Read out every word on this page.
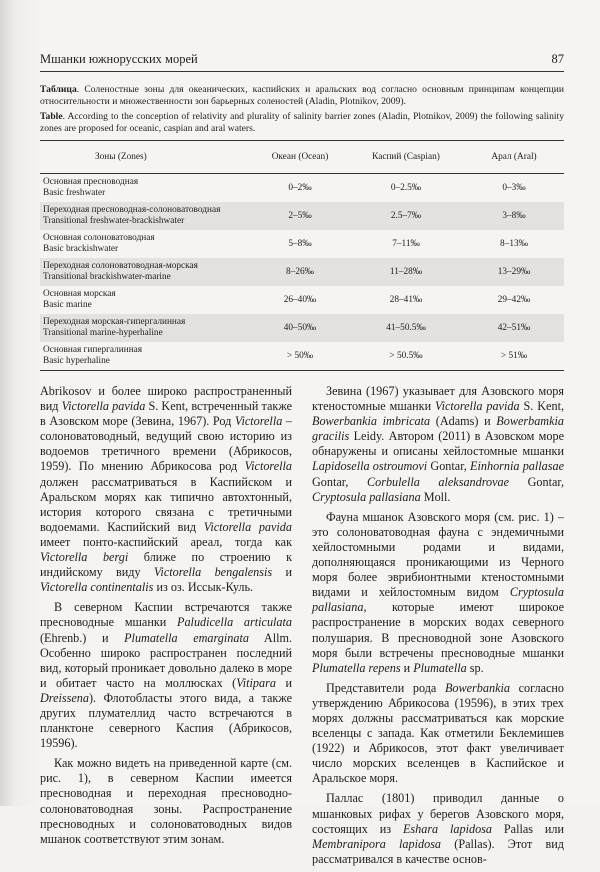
Мшанки южнорусских морей	87

Таблица. Соленостные зоны для океанических, каспийских и аральских вод согласно основным принципам концепции относительности и множественности зон барьерных соленостей (Aladin, Plotnikov, 2009).

Table. According to the conception of relativity and plurality of salinity barrier zones (Aladin, Plotnikov, 2009) the following salinity zones are proposed for oceanic, caspian and aral waters.

Зоны (Zones)	Океан (Ocean)	Каспий (Caspian)	Арал (Aral)

Основная пресноводная
Basic freshwater	0–2‰	0–2.5‰	0–3‰

Переходная пресноводная-солоноватоводная
Transitional freshwater-brackishwater	2–5‰	2.5–7‰	3–8‰

Основная солоноватоводная
Basic brackishwater	5–8‰	7–11‰	8–13‰

Переходная солоноватоводная-морская
Transitional brackishwater-marine	8–26‰	11–28‰	13–29‰

Основная морская
Basic marine	26–40‰	28–41‰	29–42‰

Переходная морская-гипергалинная
Transitional marine-hyperhaline	40–50‰	41–50.5‰	42–51‰

Основная гипергалинная
Basic hyperhaline	> 50‰	> 50.5‰	> 51‰

Abrikosov и более широко распространенный вид Victorella pavida S. Kent, встреченный также в Азовском море (Зевина, 1967). Род Victorella – солоноватоводный, ведущий свою историю из водоемов третичного времени (Абрикосов, 1959). По мнению Абрикосова род Victorella должен рассматриваться в Каспийском и Аральском морях как типично автохтонный, история которого связана с третичными водоемами. Каспийский вид Victorella pavida имеет понто-каспийский ареал, тогда как Victorella bergi ближе по строению к индийскому виду Victorella bengalensis и Victorella continentalis из оз. Иссык-Куль.

В северном Каспии встречаются также пресноводные мшанки Paludicella articulata (Ehrenb.) и Plumatella emarginata Allm. Особенно широко распространен последний вид, который проникает довольно далеко в море и обитает часто на моллюсках (Vitipara и Dreissena). Флотобласты этого вида, а также других плумателлид часто встречаются в планктоне северного Каспия (Абрикосов, 19596).

Как можно видеть на приведенной карте (см. рис. 1), в северном Каспии имеется пресноводная и переходная пресноводно-солоноватоводная зоны. Распространение пресноводных и солоноватоводных видов мшанок соответствуют этим зонам.

Зевина (1967) указывает для Азовского моря ктеностомные мшанки Victorella pavida S. Kent, Bowerbankia imbricata (Adams) и Bowerbamkia gracilis Leidy. Автором (2011) в Азовском море обнаружены и описаны хейлостомные мшанки Lapidosella ostroumovi Gontar, Einhornia pallasae Gontar, Corbulella aleksandrovae Gontar, Cryptosula pallasiana Moll.

Фауна мшанок Азовского моря (см. рис. 1) – это солоноватоводная фауна с эндемичными хейлостомными родами и видами, дополняющаяся проникающими из Черного моря более эврибионтными ктеностомными видами и хейлостомным видом Cryptosula pallasiana, которые имеют широкое распространение в морских водах северного полушария. В пресноводной зоне Азовского моря были встречены пресноводные мшанки Plumatella repens и Plumatella sp.

Представители рода Bowerbankia согласно утверждению Абрикосова (19596), в этих трех морях должны рассматриваться как морские вселенцы с запада. Как отметили Беклемишев (1922) и Абрикосов, этот факт увеличивает число морских вселенцев в Каспийское и Аральское моря.

Паллас (1801) приводил данные о мшанковых рифах у берегов Азовского моря, состоящих из Eshara lapidosa Pallas или Membranipora lapidosa (Pallas). Этот вид рассматривался в качестве основ-
